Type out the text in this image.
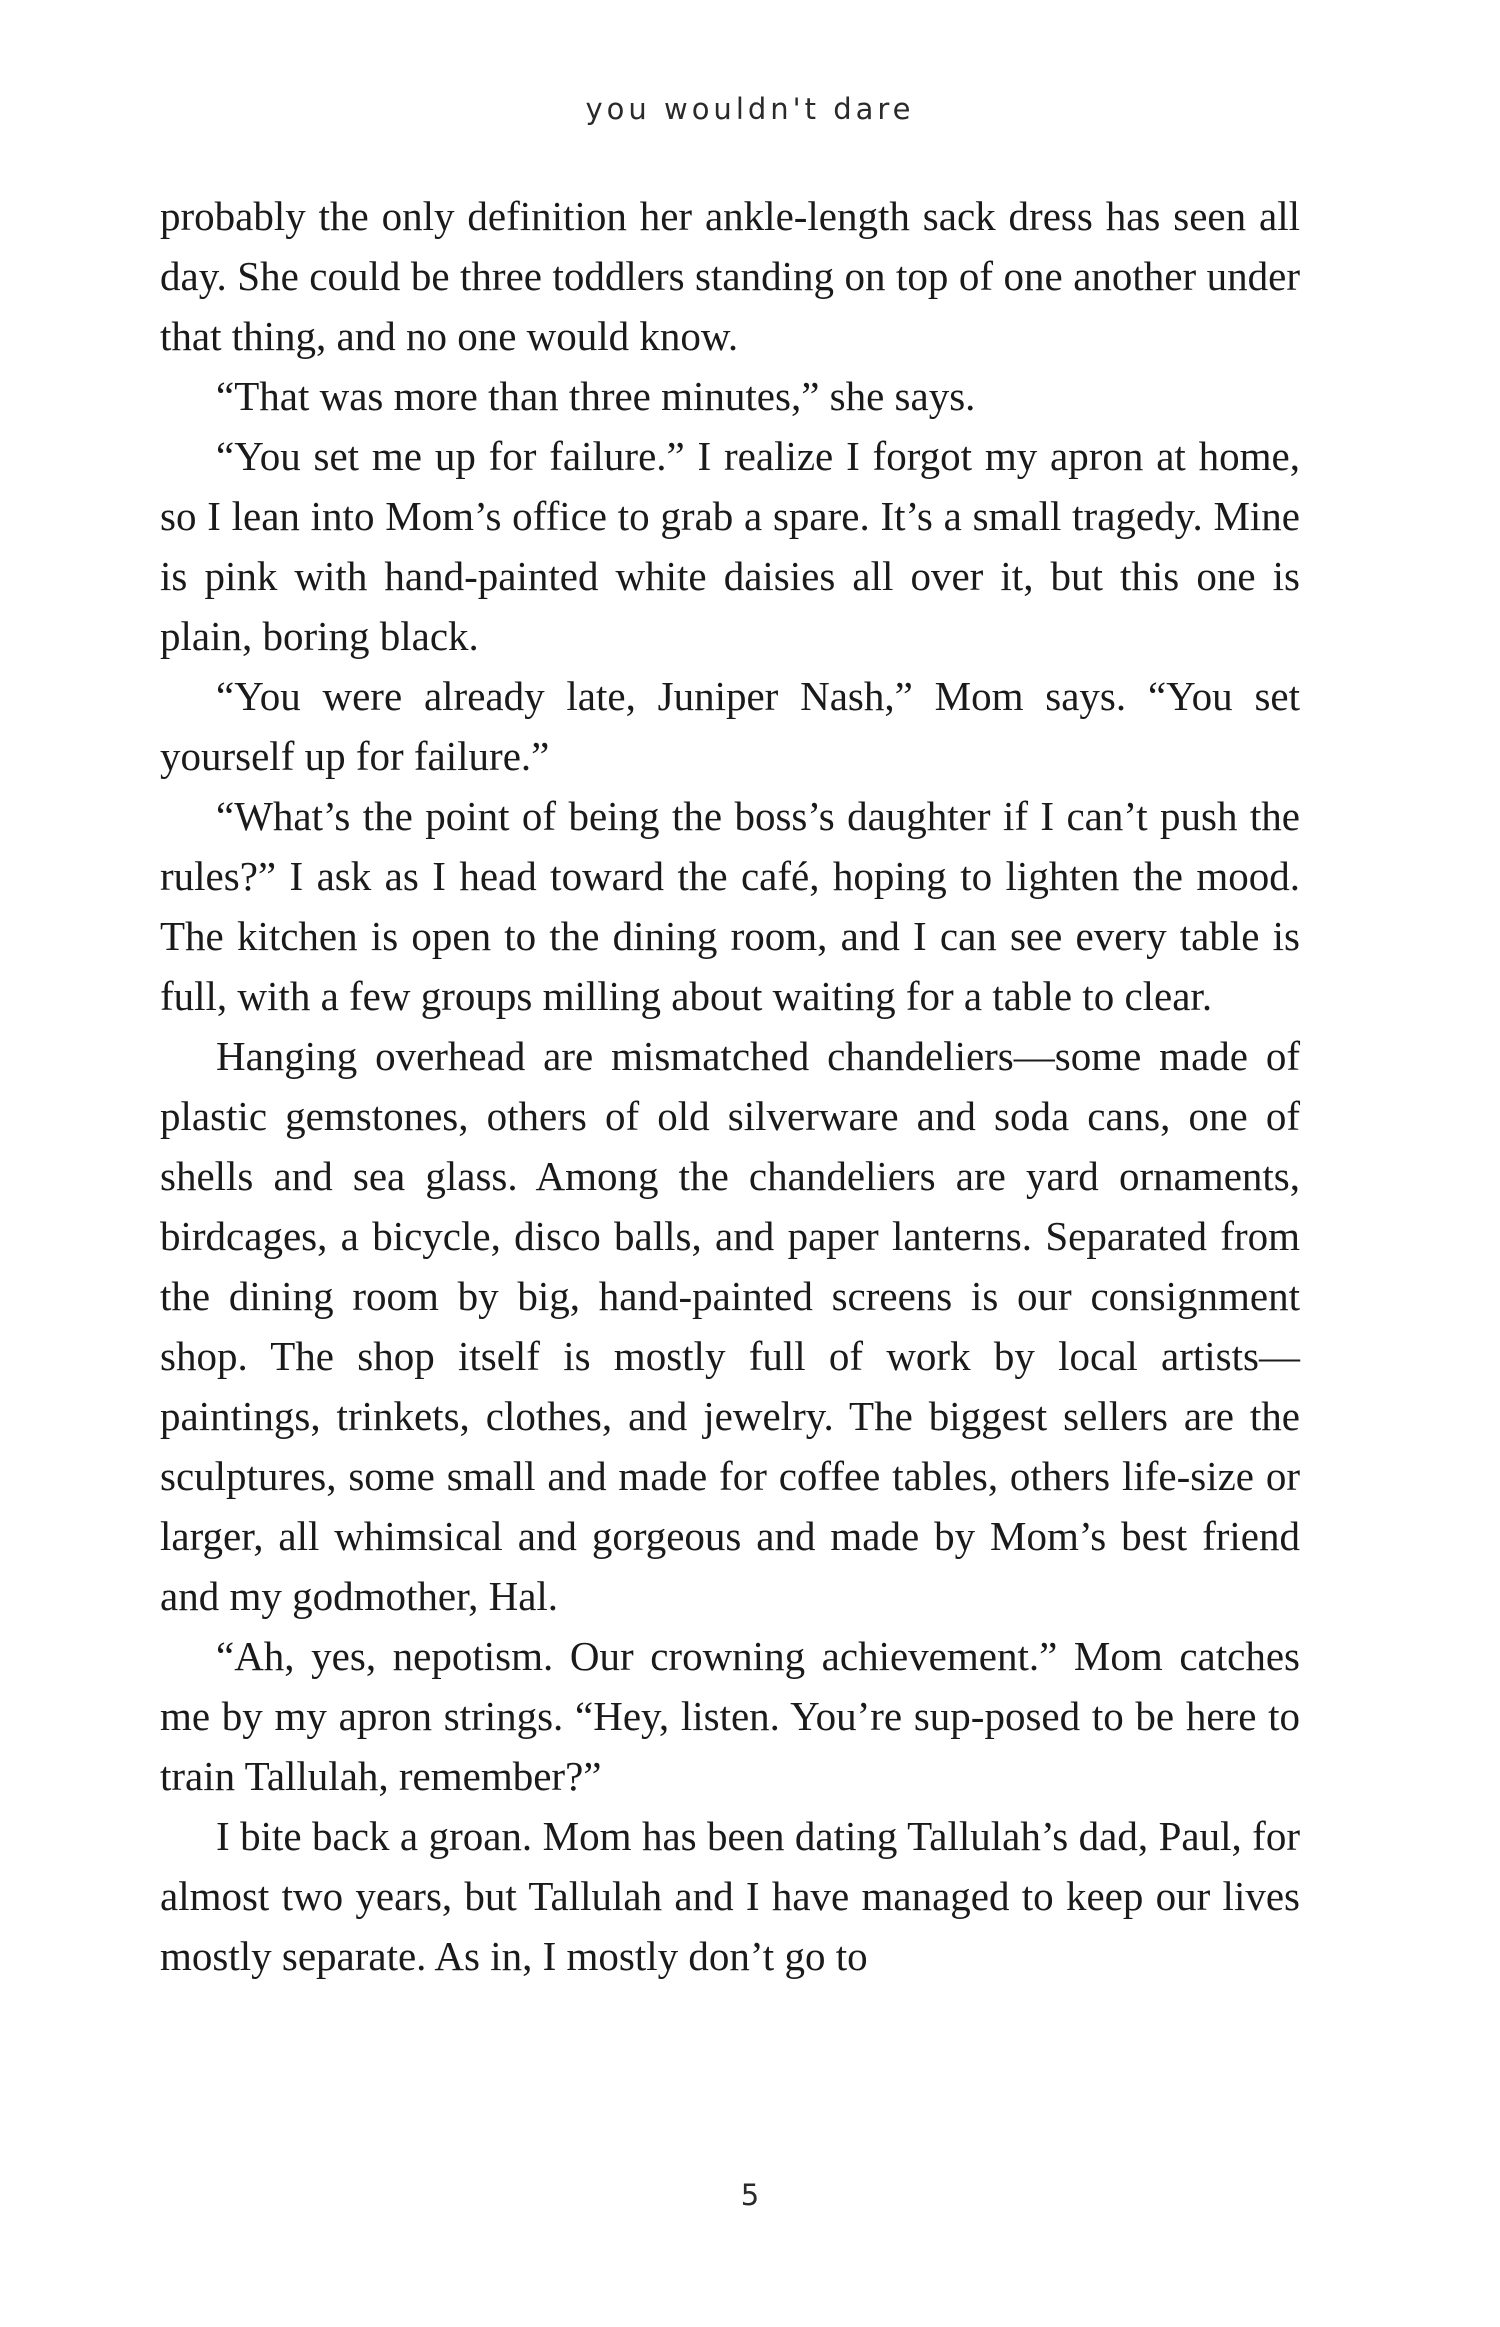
you wouldn't dare

probably the only definition her ankle-length sack dress has seen all day. She could be three toddlers standing on top of one another under that thing, and no one would know.

“That was more than three minutes,” she says.

“You set me up for failure.” I realize I forgot my apron at home, so I lean into Mom’s office to grab a spare. It’s a small tragedy. Mine is pink with hand-painted white daisies all over it, but this one is plain, boring black.

“You were already late, Juniper Nash,” Mom says. “You set yourself up for failure.”

“What’s the point of being the boss’s daughter if I can’t push the rules?” I ask as I head toward the café, hoping to lighten the mood. The kitchen is open to the dining room, and I can see every table is full, with a few groups milling about waiting for a table to clear.

Hanging overhead are mismatched chandeliers—some made of plastic gemstones, others of old silverware and soda cans, one of shells and sea glass. Among the chandeliers are yard ornaments, birdcages, a bicycle, disco balls, and paper lanterns. Separated from the dining room by big, hand-painted screens is our consignment shop. The shop itself is mostly full of work by local artists—paintings, trinkets, clothes, and jewelry. The biggest sellers are the sculptures, some small and made for coffee tables, others life-size or larger, all whimsical and gorgeous and made by Mom’s best friend and my godmother, Hal.

“Ah, yes, nepotism. Our crowning achievement.” Mom catches me by my apron strings. “Hey, listen. You’re sup-posed to be here to train Tallulah, remember?”

I bite back a groan. Mom has been dating Tallulah’s dad, Paul, for almost two years, but Tallulah and I have managed to keep our lives mostly separate. As in, I mostly don’t go to

5
